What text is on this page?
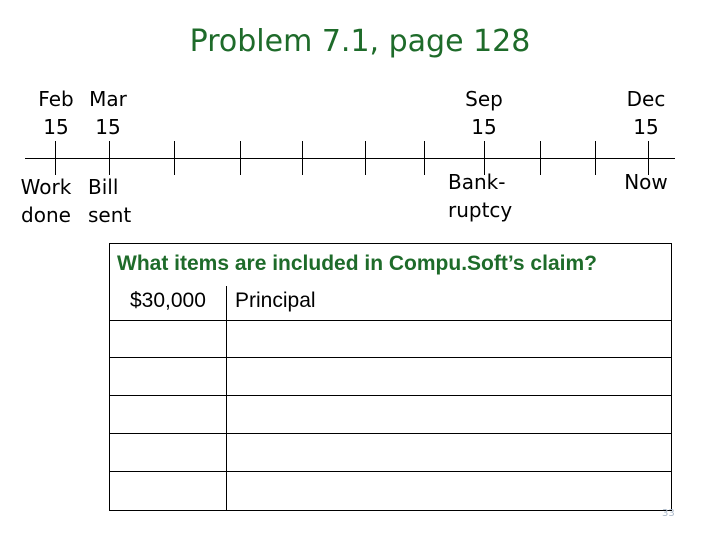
Problem 7.1, page 128
Feb
15
Mar
15
Sep
15
Dec
15
Work
done
Bill
sent
Bank-
ruptcy
Now
What items are included in Compu.Soft’s claim?
$30,000 Principal
33
